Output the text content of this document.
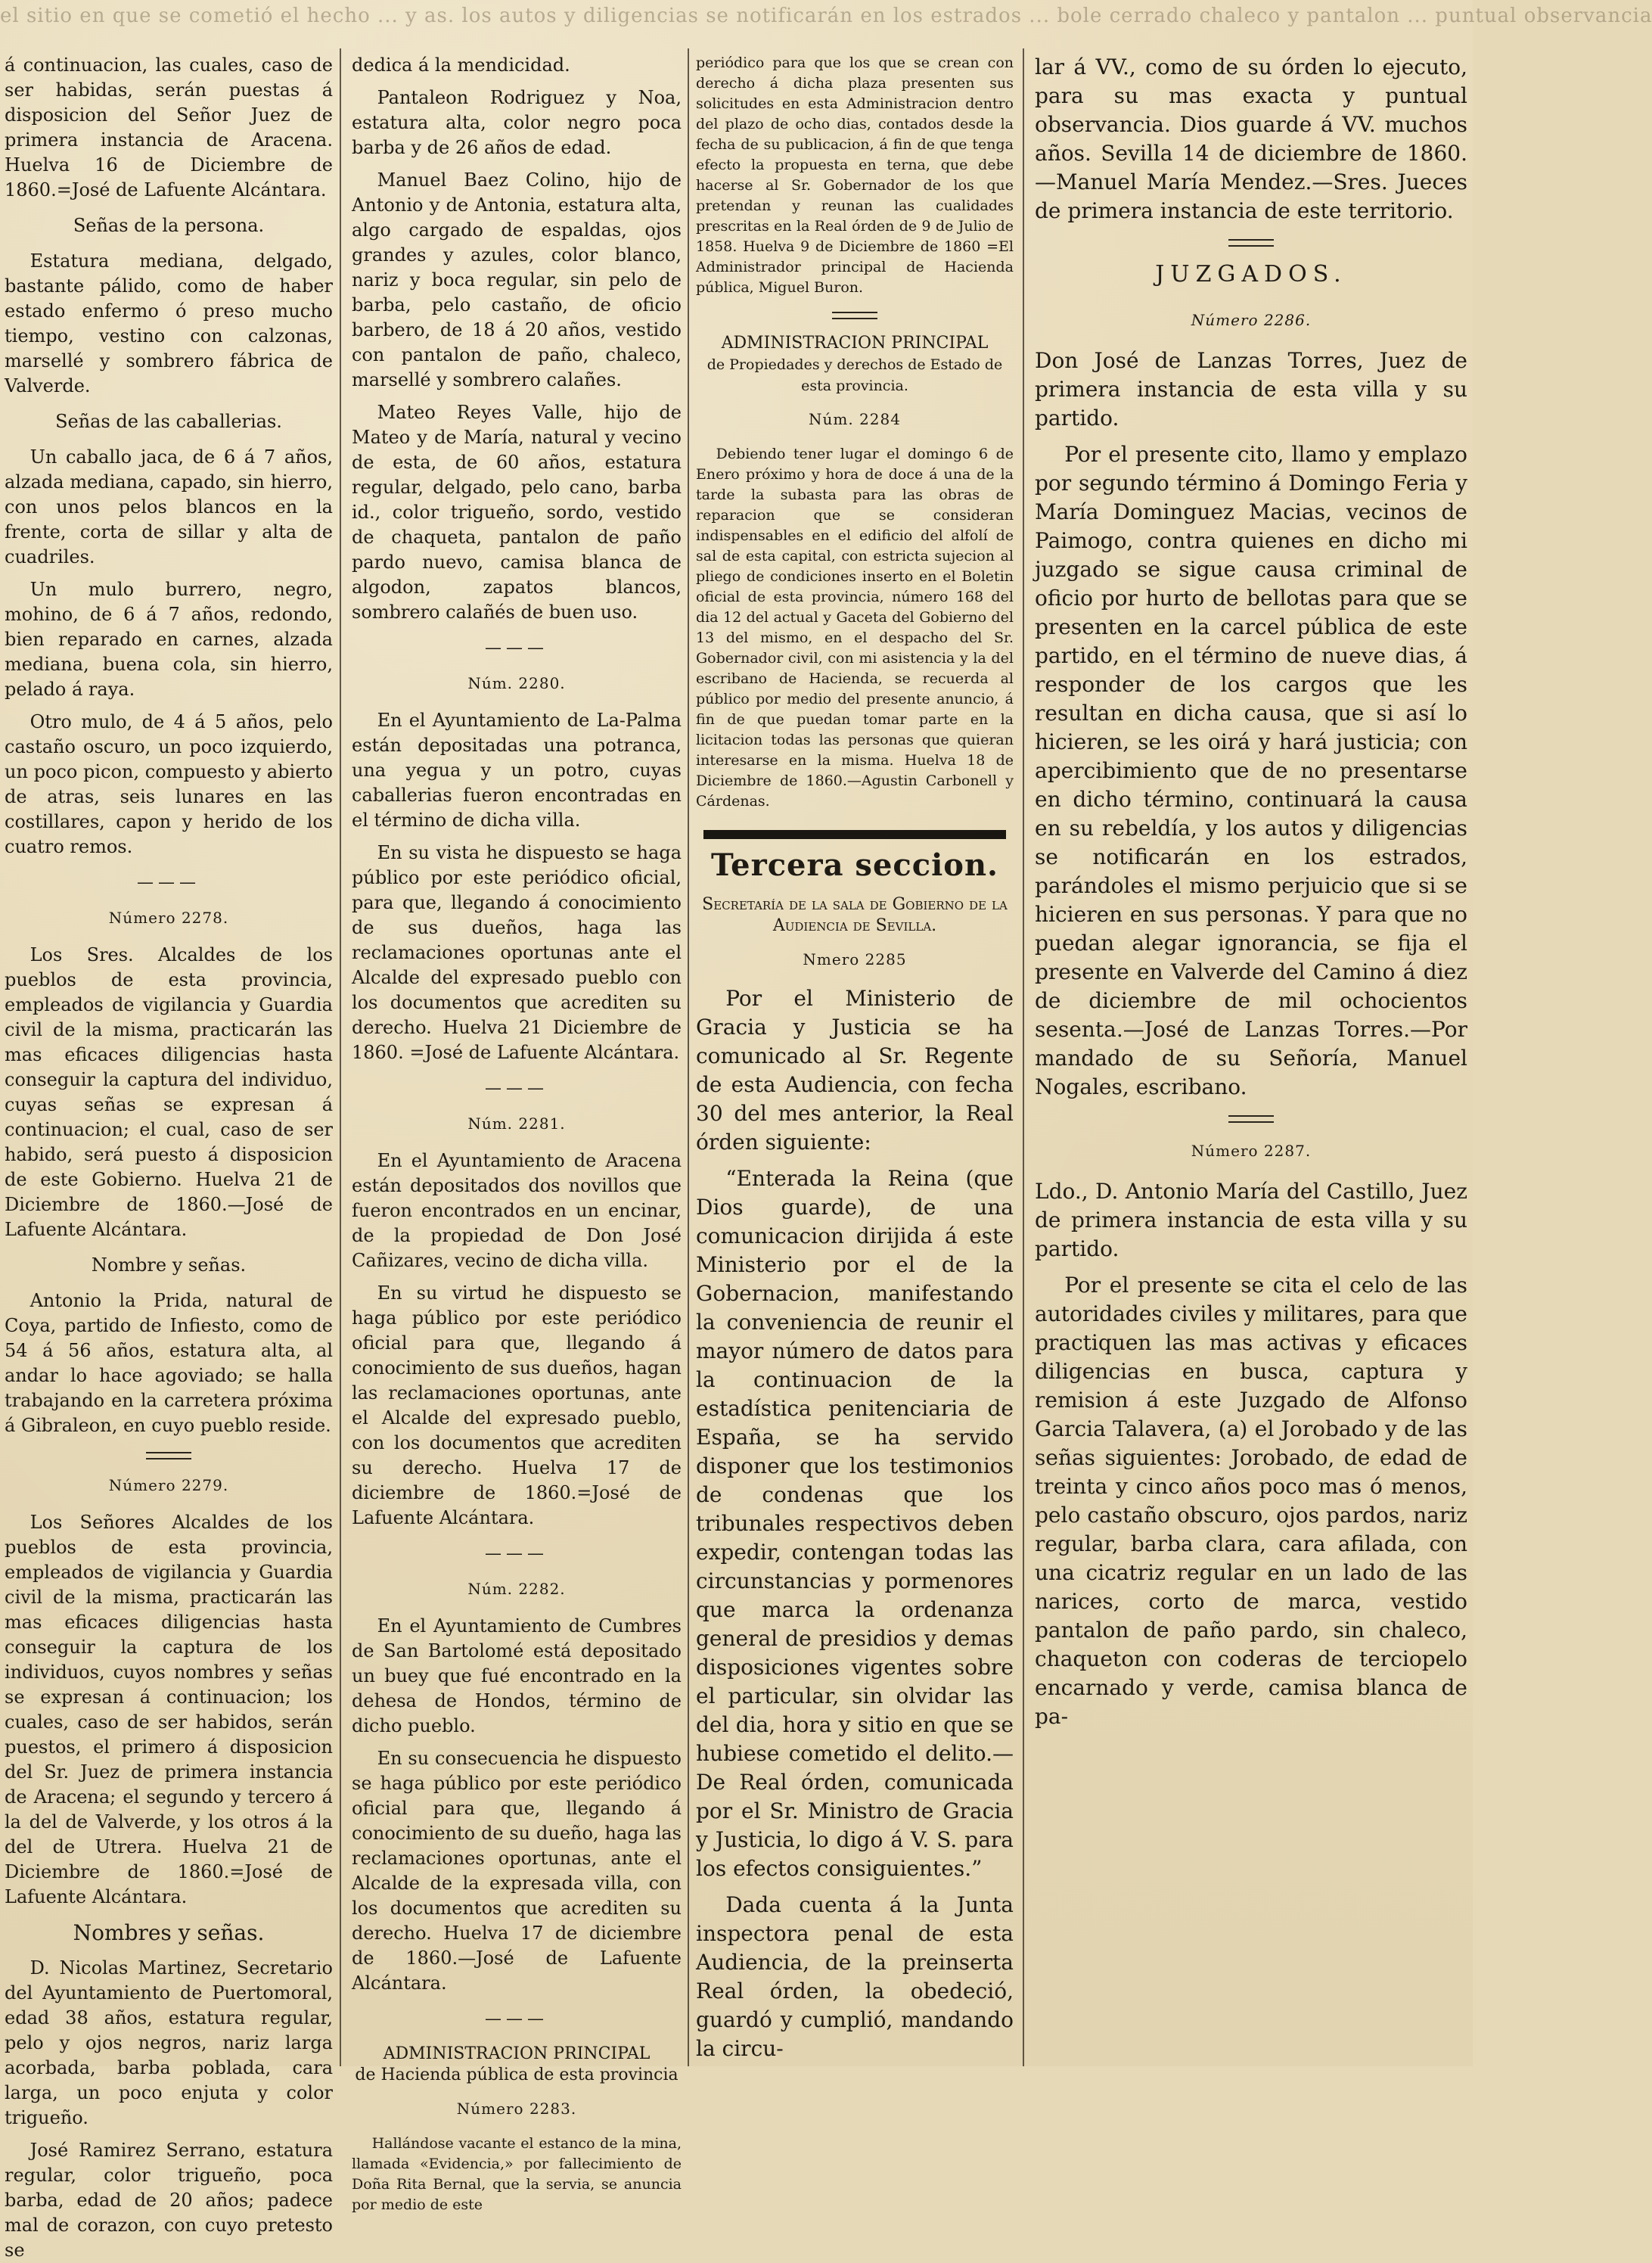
el sitio en que se cometió el hecho ... y as. los autos y diligencias se notificarán en los estrados ... bole cerrado chaleco y pantalon ... puntual observancia

á continuacion, las cuales, caso de ser habidas, serán puestas á disposicion del Señor Juez de primera instancia de Aracena. Huelva 16 de Diciembre de 1860.=José de Lafuente Alcántara.

Señas de la persona.

Estatura mediana, delgado, bastante pálido, como de haber estado enfermo ó preso mucho tiempo, vestino con calzonas, marsellé y sombrero fábrica de Valverde.

Señas de las caballerias.

Un caballo jaca, de 6 á 7 años, alzada mediana, capado, sin hierro, con unos pelos blancos en la frente, corta de sillar y alta de cuadriles.

Un mulo burrero, negro, mohino, de 6 á 7 años, redondo, bien reparado en carnes, alzada mediana, buena cola, sin hierro, pelado á raya.

Otro mulo, de 4 á 5 años, pelo castaño oscuro, un poco izquierdo, un poco picon, compuesto y abierto de atras, seis lunares en las costillares, capon y herido de los cuatro remos.

———
Número 2278.

Los Sres. Alcaldes de los pueblos de esta provincia, empleados de vigilancia y Guardia civil de la misma, practicarán las mas eficaces diligencias hasta conseguir la captura del individuo, cuyas señas se expresan á continuacion; el cual, caso de ser habido, será puesto á disposicion de este Gobierno. Huelva 21 de Diciembre de 1860.—José de Lafuente Alcántara.

Nombre y señas.

Antonio la Prida, natural de Coya, partido de Infiesto, como de 54 á 56 años, estatura alta, al andar lo hace agoviado; se halla trabajando en la carretera próxima á Gibraleon, en cuyo pueblo reside.

Número 2279.

Los Señores Alcaldes de los pueblos de esta provincia, empleados de vigilancia y Guardia civil de la misma, practicarán las mas eficaces diligencias hasta conseguir la captura de los individuos, cuyos nombres y señas se expresan á continuacion; los cuales, caso de ser habidos, serán puestos, el primero á disposicion del Sr. Juez de primera instancia de Aracena; el segundo y tercero á la del de Valverde, y los otros á la del de Utrera. Huelva 21 de Diciembre de 1860.=José de Lafuente Alcántara.

Nombres y señas.

D. Nicolas Martinez, Secretario del Ayuntamiento de Puertomoral, edad 38 años, estatura regular, pelo y ojos negros, nariz larga acorbada, barba poblada, cara larga, un poco enjuta y color trigueño.

José Ramirez Serrano, estatura regular, color trigueño, poca barba, edad de 20 años; padece mal de corazon, con cuyo pretesto se

dedica á la mendicidad.

Pantaleon Rodriguez y Noa, estatura alta, color negro poca barba y de 26 años de edad.

Manuel Baez Colino, hijo de Antonio y de Antonia, estatura alta, algo cargado de espaldas, ojos grandes y azules, color blanco, nariz y boca regular, sin pelo de barba, pelo castaño, de oficio barbero, de 18 á 20 años, vestido con pantalon de paño, chaleco, marsellé y sombrero calañes.

Mateo Reyes Valle, hijo de Mateo y de María, natural y vecino de esta, de 60 años, estatura regular, delgado, pelo cano, barba id., color trigueño, sordo, vestido de chaqueta, pantalon de paño pardo nuevo, camisa blanca de algodon, zapatos blancos, sombrero calañés de buen uso.

———
Núm. 2280.

En el Ayuntamiento de La-Palma están depositadas una potranca, una yegua y un potro, cuyas caballerias fueron encontradas en el término de dicha villa.

En su vista he dispuesto se haga público por este periódico oficial, para que, llegando á conocimiento de sus dueños, haga las reclamaciones oportunas ante el Alcalde del expresado pueblo con los documentos que acrediten su derecho. Huelva 21 Diciembre de 1860. =José de Lafuente Alcántara.

———
Núm. 2281.

En el Ayuntamiento de Aracena están depositados dos novillos que fueron encontrados en un encinar, de la propiedad de Don José Cañizares, vecino de dicha villa.

En su virtud he dispuesto se haga público por este periódico oficial para que, llegando á conocimiento de sus dueños, hagan las reclamaciones oportunas, ante el Alcalde del expresado pueblo, con los documentos que acrediten su derecho. Huelva 17 de diciembre de 1860.=José de Lafuente Alcántara.

———
Núm. 2282.

En el Ayuntamiento de Cumbres de San Bartolomé está depositado un buey que fué encontrado en la dehesa de Hondos, término de dicho pueblo.

En su consecuencia he dispuesto se haga público por este periódico oficial para que, llegando á conocimiento de su dueño, haga las reclamaciones oportunas, ante el Alcalde de la expresada villa, con los documentos que acrediten su derecho. Huelva 17 de diciembre de 1860.—José de Lafuente Alcántara.

———
ADMINISTRACION PRINCIPAL
de Hacienda pública de esta provincia
Número 2283.

Hallándose vacante el estanco de la mina, llamada «Evidencia,» por fallecimiento de Doña Rita Bernal, que la servia, se anuncia por medio de este

periódico para que los que se crean con derecho á dicha plaza presenten sus solicitudes en esta Administracion dentro del plazo de ocho dias, contados desde la fecha de su publicacion, á fin de que tenga efecto la propuesta en terna, que debe hacerse al Sr. Gobernador de los que pretendan y reunan las cualidades prescritas en la Real órden de 9 de Julio de 1858. Huelva 9 de Diciembre de 1860 =El Administrador principal de Hacienda pública, Miguel Buron.

ADMINISTRACION PRINCIPAL
de Propiedades y derechos de Estado de esta provincia.
Núm. 2284

Debiendo tener lugar el domingo 6 de Enero próximo y hora de doce á una de la tarde la subasta para las obras de reparacion que se consideran indispensables en el edificio del alfolí de sal de esta capital, con estricta sujecion al pliego de condiciones inserto en el Boletin oficial de esta provincia, número 168 del dia 12 del actual y Gaceta del Gobierno del 13 del mismo, en el despacho del Sr. Gobernador civil, con mi asistencia y la del escribano de Hacienda, se recuerda al público por medio del presente anuncio, á fin de que puedan tomar parte en la licitacion todas las personas que quieran interesarse en la misma. Huelva 18 de Diciembre de 1860.—Agustin Carbonell y Cárdenas.

Tercera seccion.
Secretaría de la sala de Gobierno de la Audiencia de Sevilla.
Nmero 2285

Por el Ministerio de Gracia y Justicia se ha comunicado al Sr. Regente de esta Audiencia, con fecha 30 del mes anterior, la Real órden siguiente:

“Enterada la Reina (que Dios guarde), de una comunicacion dirijida á este Ministerio por el de la Gobernacion, manifestando la conveniencia de reunir el mayor número de datos para la continuacion de la estadística penitenciaria de España, se ha servido disponer que los testimonios de condenas que los tribunales respectivos deben expedir, contengan todas las circunstancias y pormenores que marca la ordenanza general de presidios y demas disposiciones vigentes sobre el particular, sin olvidar las del dia, hora y sitio en que se hubiese cometido el delito.—De Real órden, comunicada por el Sr. Ministro de Gracia y Justicia, lo digo á V. S. para los efectos consiguientes.”

Dada cuenta á la Junta inspectora penal de esta Audiencia, de la preinserta Real órden, la obedeció, guardó y cumplió, mandando la circu-

lar á VV., como de su órden lo ejecuto, para su mas exacta y puntual observancia. Dios guarde á VV. muchos años. Sevilla 14 de diciembre de 1860.—Manuel María Mendez.—Sres. Jueces de primera instancia de este territorio.

JUZGADOS.
Número 2286.

Don José de Lanzas Torres, Juez de primera instancia de esta villa y su partido.

Por el presente cito, llamo y emplazo por segundo término á Domingo Feria y María Dominguez Macias, vecinos de Paimogo, contra quienes en dicho mi juzgado se sigue causa criminal de oficio por hurto de bellotas para que se presenten en la carcel pública de este partido, en el término de nueve dias, á responder de los cargos que les resultan en dicha causa, que si así lo hicieren, se les oirá y hará justicia; con apercibimiento que de no presentarse en dicho término, continuará la causa en su rebeldía, y los autos y diligencias se notificarán en los estrados, parándoles el mismo perjuicio que si se hicieren en sus personas. Y para que no puedan alegar ignorancia, se fija el presente en Valverde del Camino á diez de diciembre de mil ochocientos sesenta.—José de Lanzas Torres.—Por mandado de su Señoría, Manuel Nogales, escribano.

Número 2287.

Ldo., D. Antonio María del Castillo, Juez de primera instancia de esta villa y su partido.

Por el presente se cita el celo de las autoridades civiles y militares, para que practiquen las mas activas y eficaces diligencias en busca, captura y remision á este Juzgado de Alfonso Garcia Talavera, (a) el Jorobado y de las señas siguientes: Jorobado, de edad de treinta y cinco años poco mas ó menos, pelo castaño obscuro, ojos pardos, nariz regular, barba clara, cara afilada, con una cicatriz regular en un lado de las narices, corto de marca, vestido pantalon de paño pardo, sin chaleco, chaqueton con coderas de terciopelo encarnado y verde, camisa blanca de pa-
